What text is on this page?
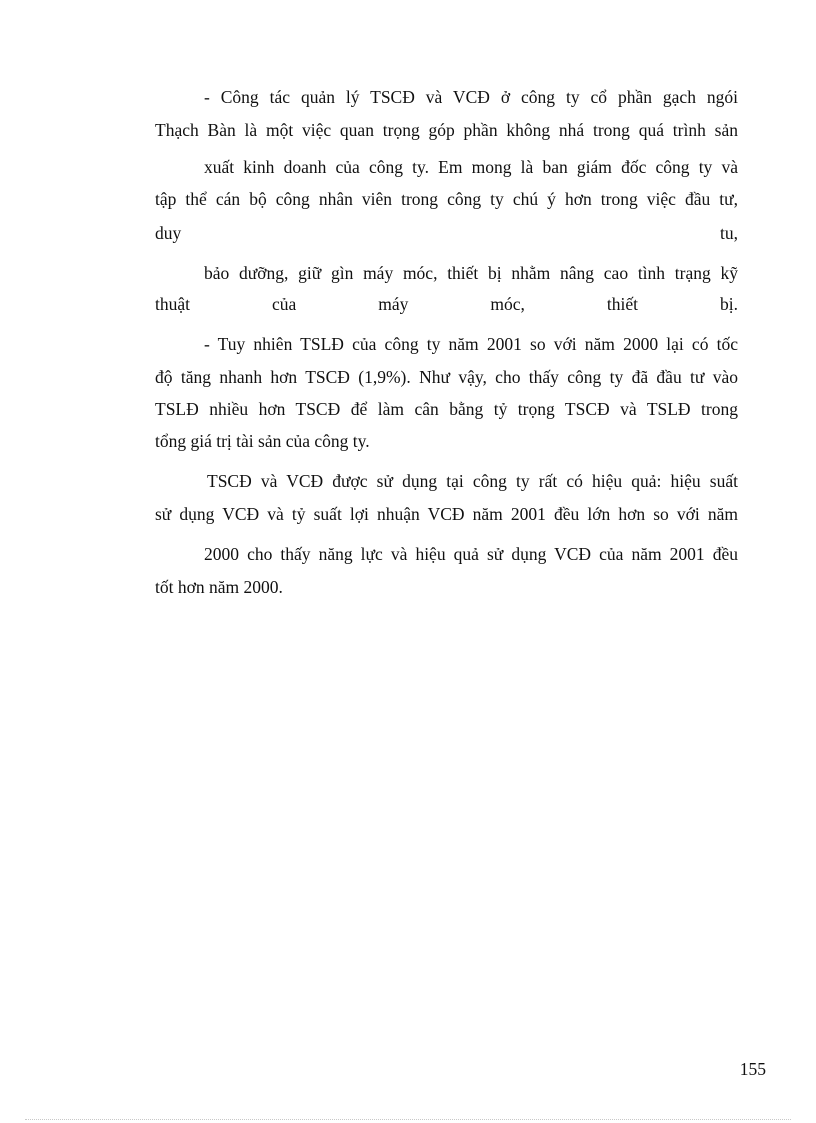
- Công tác quản lý TSCĐ và VCĐ ở công ty cổ phần gạch ngói
Thạch Bàn là một việc quan trọng góp phần không nhá trong quá trình sản
xuất kinh doanh của công ty. Em mong là ban giám đốc công ty và
tập thể cán bộ công nhân viên trong công ty chú ý hơn trong việc đầu tư,
duy tu,
bảo dưỡng, giữ gìn máy móc, thiết bị nhằm nâng cao tình trạng kỹ
thuật của máy móc, thiết bị.
- Tuy nhiên TSLĐ của công ty năm 2001 so với năm 2000 lại có tốc
độ tăng nhanh hơn TSCĐ (1,9%). Như vậy, cho thấy công ty đã đầu tư vào
TSLĐ nhiều hơn TSCĐ để làm cân bằng tỷ trọng TSCĐ và TSLĐ trong
tổng giá trị tài sản của công ty.
TSCĐ và VCĐ được sử dụng tại công ty rất có hiệu quả: hiệu suất
sử dụng VCĐ và tỷ suất lợi nhuận VCĐ năm 2001 đều lớn hơn so với năm
2000 cho thấy năng lực và hiệu quả sử dụng VCĐ của năm 2001 đều
tốt hơn năm 2000.
155
